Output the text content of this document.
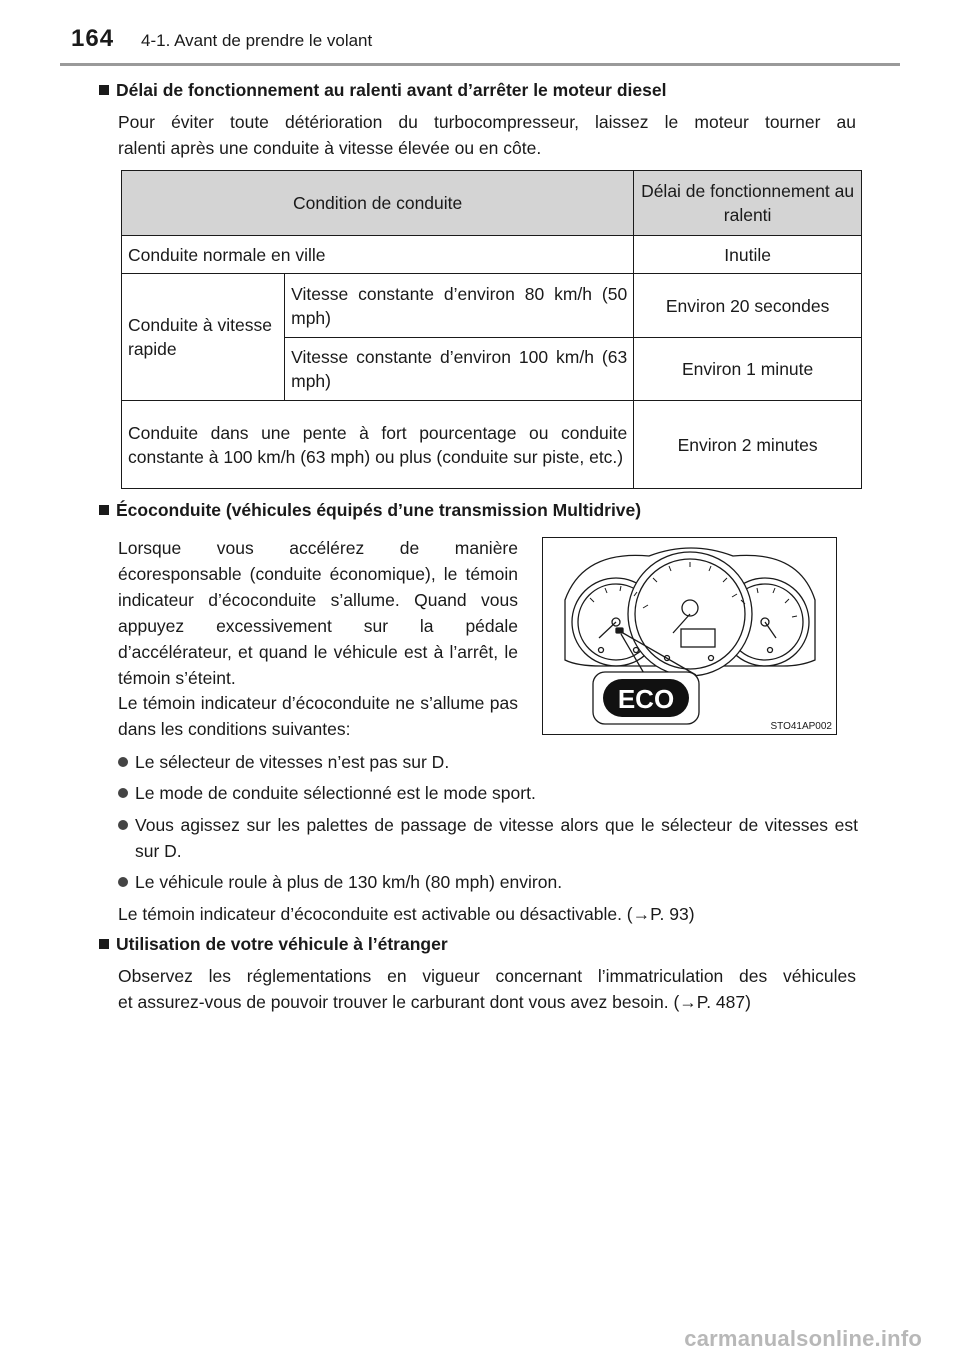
164 4-1. Avant de prendre le volant
Délai de fonctionnement au ralenti avant d’arrêter le moteur diesel
Pour éviter toute détérioration du turbocompresseur, laissez le moteur tourner au
ralenti après une conduite à vitesse élevée ou en côte.
Condition de conduite		Délai de fonctionnement au ralenti
Conduite normale en ville		Inutile
Conduite à vitesse rapide	Vitesse constante d’environ 80 km/h (50 mph)	Environ 20 secondes
	Vitesse constante d’environ 100 km/h (63 mph)	Environ 1 minute
Conduite dans une pente à fort pourcentage ou conduite constante à 100 km/h (63 mph) ou plus (conduite sur piste, etc.)		Environ 2 minutes
Écoconduite (véhicules équipés d’une transmission Multidrive)
Lorsque vous accélérez de manière écoresponsable (conduite économique), le témoin indicateur d’écoconduite s’allume. Quand vous appuyez excessivement sur la pédale d’accélérateur, et quand le véhicule est à l’arrêt, le témoin s’éteint.
Le témoin indicateur d’écoconduite ne s’allume pas dans les conditions suivantes:
ECO
STO41AP002
Le sélecteur de vitesses n’est pas sur D.
Le mode de conduite sélectionné est le mode sport.
Vous agissez sur les palettes de passage de vitesse alors que le sélecteur de vitesses est sur D.
Le véhicule roule à plus de 130 km/h (80 mph) environ.
Le témoin indicateur d’écoconduite est activable ou désactivable. (→P. 93)
Utilisation de votre véhicule à l’étranger
Observez les réglementations en vigueur concernant l’immatriculation des véhicules
et assurez-vous de pouvoir trouver le carburant dont vous avez besoin. (→P. 487)
carmanualsonline.info
